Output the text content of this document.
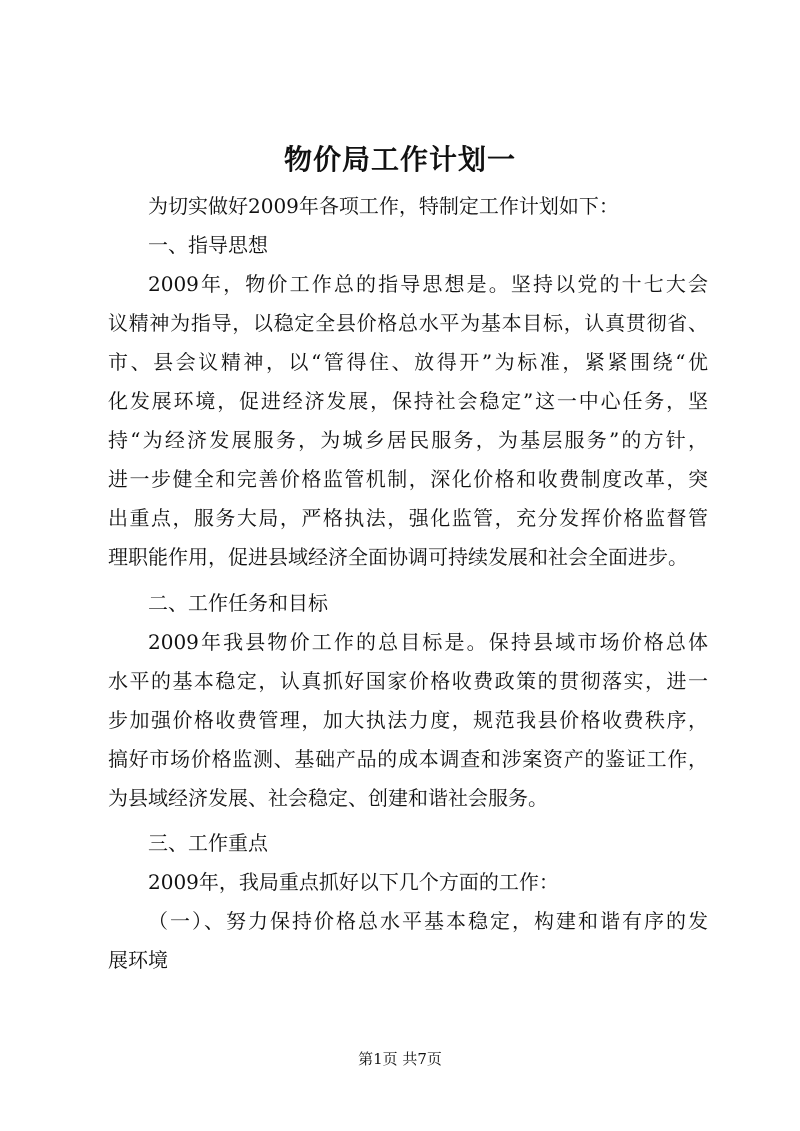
物价局工作计划一
为切实做好2009年各项工作，特制定工作计划如下：
一、指导思想
2009年，物价工作总的指导思想是。坚持以党的十七大会
议精神为指导，以稳定全县价格总水平为基本目标，认真贯彻省、
市、县会议精神，以“管得住、放得开”为标准，紧紧围绕“优
化发展环境，促进经济发展，保持社会稳定”这一中心任务，坚
持“为经济发展服务，为城乡居民服务，为基层服务”的方针，
进一步健全和完善价格监管机制，深化价格和收费制度改革，突
出重点，服务大局，严格执法，强化监管，充分发挥价格监督管
理职能作用，促进县域经济全面协调可持续发展和社会全面进步。
二、工作任务和目标
2009年我县物价工作的总目标是。保持县域市场价格总体
水平的基本稳定，认真抓好国家价格收费政策的贯彻落实，进一
步加强价格收费管理，加大执法力度，规范我县价格收费秩序，
搞好市场价格监测、基础产品的成本调查和涉案资产的鉴证工作，
为县域经济发展、社会稳定、创建和谐社会服务。
三、工作重点
2009年，我局重点抓好以下几个方面的工作：
（一）、努力保持价格总水平基本稳定，构建和谐有序的发
展环境
第1页 共7页
